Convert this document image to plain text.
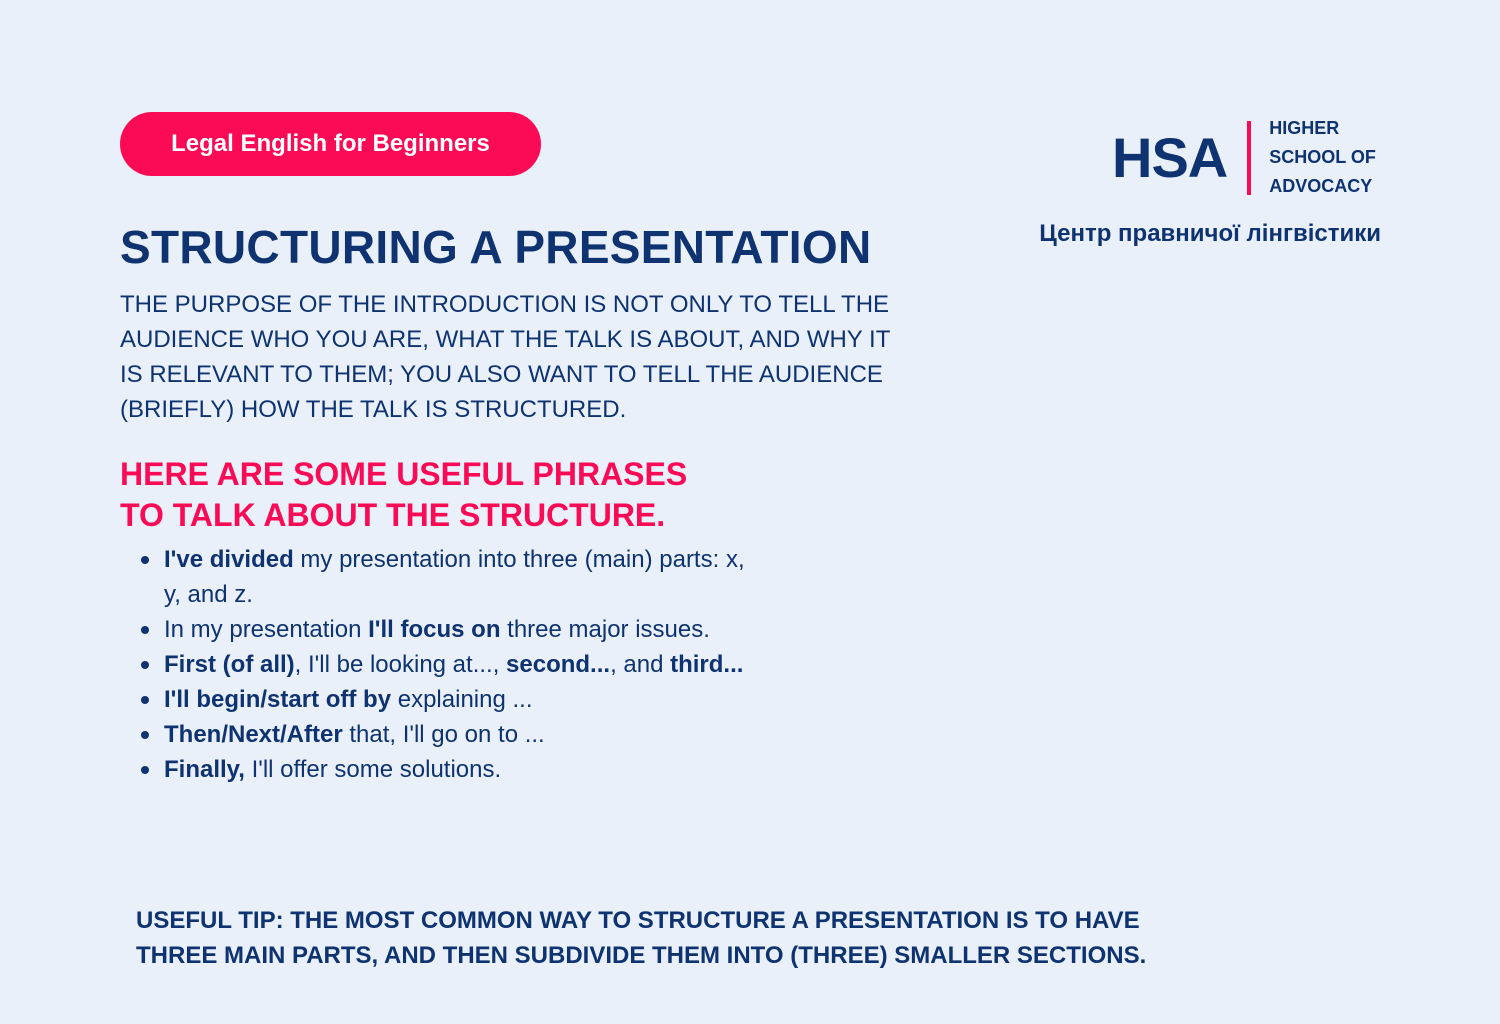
Legal English for Beginners	HSA HIGHER
SCHOOL OF
ADVOCACY
Центр правничої лінгвістики
STRUCTURING A PRESENTATION

THE PURPOSE OF THE INTRODUCTION IS NOT ONLY TO TELL THE AUDIENCE WHO YOU ARE, WHAT THE TALK IS ABOUT, AND WHY IT IS RELEVANT TO THEM; YOU ALSO WANT TO TELL THE AUDIENCE (BRIEFLY) HOW THE TALK IS STRUCTURED.

HERE ARE SOME USEFUL PHRASES
TO TALK ABOUT THE STRUCTURE.
I've divided my presentation into three (main) parts: x, y, and z.
In my presentation I'll focus on three major issues.
First (of all), I'll be looking at..., second..., and third...
I'll begin/start off by explaining ...
Then/Next/After that, I'll go on to ...
Finally, I'll offer some solutions.

USEFUL TIP: THE MOST COMMON WAY TO STRUCTURE A PRESENTATION IS TO HAVE THREE MAIN PARTS, AND THEN SUBDIVIDE THEM INTO (THREE) SMALLER SECTIONS.
